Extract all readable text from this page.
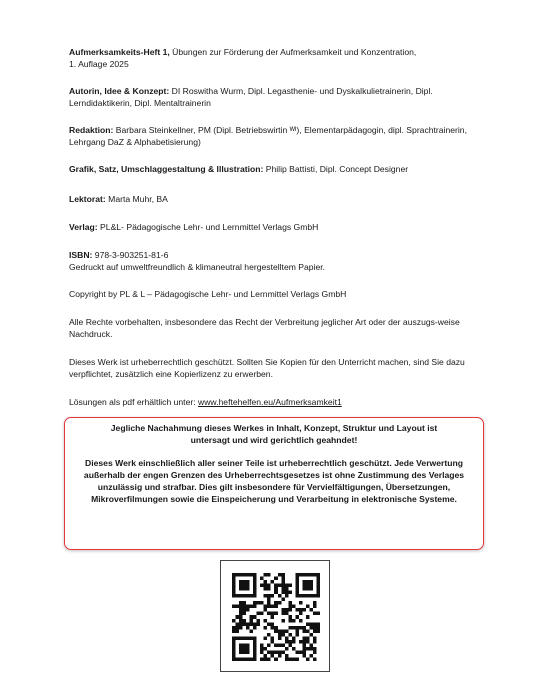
Aufmerksamkeits-Heft 1, Übungen zur Förderung der Aufmerksamkeit und Konzentration,
1. Auflage 2025

Autorin, Idee & Konzept: DI Roswitha Wurm, Dipl. Legasthenie- und Dyskalkulietrainerin, Dipl. Lerndidaktikerin, Dipl. Mentaltrainerin

Redaktion: Barbara Steinkellner, PM (Dipl. Betriebswirtin ᵂᴵ), Elementarpädagogin, dipl. Sprachtrainerin, Lehrgang DaZ & Alphabetisierung)

Grafik, Satz, Umschlaggestaltung & Illustration: Philip Battisti, Dipl. Concept Designer

Lektorat: Marta Muhr, BA

Verlag: PL&L- Pädagogische Lehr- und Lernmittel Verlags GmbH

ISBN: 978-3-903251-81-6
Gedruckt auf umweltfreundlich & klimaneutral hergestelltem Papier.

Copyright by PL & L – Pädagogische Lehr- und Lernmittel Verlags GmbH

Alle Rechte vorbehalten, insbesondere das Recht der Verbreitung jeglicher Art oder der auszugs-weise Nachdruck.

Dieses Werk ist urheberrechtlich geschützt. Sollten Sie Kopien für den Unterricht machen, sind Sie dazu verpflichtet, zusätzlich eine Kopierlizenz zu erwerben.

Lösungen als pdf erhältlich unter: www.heftehelfen.eu/Aufmerksamkeit1

Jegliche Nachahmung dieses Werkes in Inhalt, Konzept, Struktur und Layout ist untersagt und wird gerichtlich geahndet!

Dieses Werk einschließlich aller seiner Teile ist urheberrechtlich geschützt. Jede Verwertung außerhalb der engen Grenzen des Urheberrechtsgesetzes ist ohne Zustimmung des Verlages unzulässig und strafbar. Dies gilt insbesondere für Vervielfältigungen, Übersetzungen, Mikroverfilmungen sowie die Einspeicherung und Verarbeitung in elektronische Systeme.
